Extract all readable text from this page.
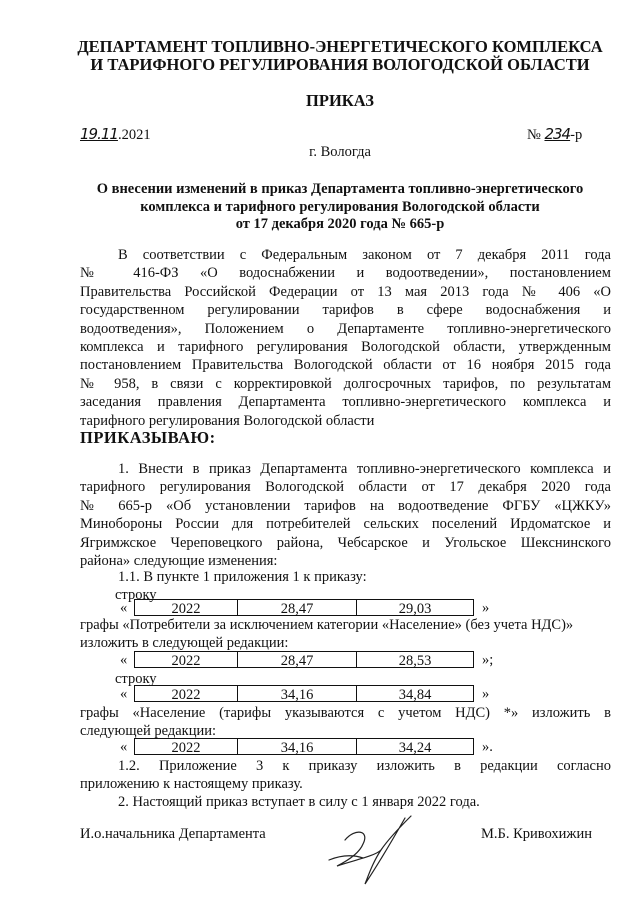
ДЕПАРТАМЕНТ ТОПЛИВНО-ЭНЕРГЕТИЧЕСКОГО КОМПЛЕКСА
И ТАРИФНОГО РЕГУЛИРОВАНИЯ ВОЛОГОДСКОЙ ОБЛАСТИ
ПРИКАЗ
19.11.2021	№ 234-р
г. Вологда
О внесении изменений в приказ Департамента топливно-энергетического
комплекса и тарифного регулирования Вологодской области
от 17 декабря 2020 года № 665-р
В соответствии с Федеральным законом от 7 декабря 2011 года
№ 416-ФЗ «О водоснабжении и водоотведении», постановлением
Правительства Российской Федерации от 13 мая 2013 года № 406 «О
государственном регулировании тарифов в сфере водоснабжения и
водоотведения», Положением о Департаменте топливно-энергетического
комплекса и тарифного регулирования Вологодской области, утвержденным
постановлением Правительства Вологодской области от 16 ноября 2015 года
№ 958, в связи с корректировкой долгосрочных тарифов, по результатам
заседания правления Департамента топливно-энергетического комплекса и
тарифного регулирования Вологодской области
ПРИКАЗЫВАЮ:
1. Внести в приказ Департамента топливно-энергетического комплекса и
тарифного регулирования Вологодской области от 17 декабря 2020 года
№ 665-р «Об установлении тарифов на водоотведение ФГБУ «ЦЖКУ»
Минобороны России для потребителей сельских поселений Ирдоматское и
Ягримжское Череповецкого района, Чебсарское и Угольское Шекснинского
района» следующие изменения:
1.1. В пункте 1 приложения 1 к приказу:
строку
«	2022	28,47	29,03	»
графы «Потребители за исключением категории «Население» (без учета НДС)»
изложить в следующей редакции:
«	2022	28,47	28,53	»;
строку
«	2022	34,16	34,84	»
графы «Население (тарифы указываются с учетом НДС) *» изложить в
следующей редакции:
«	2022	34,16	34,24	».
1.2. Приложение 3 к приказу изложить в редакции согласно
приложению к настоящему приказу.
2. Настоящий приказ вступает в силу с 1 января 2022 года.
И.о.начальника Департамента	М.Б. Кривохижин
